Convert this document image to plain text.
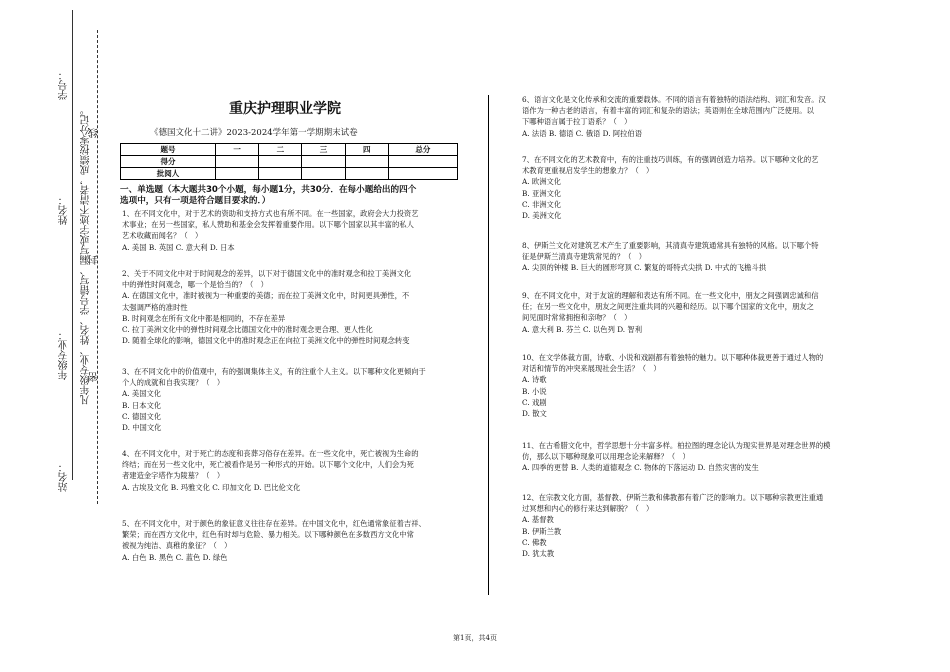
学号：
姓名：
年级专业：
站名：
凡年级专业、姓名、学号错写、漏写或字迹不清者，成绩按零分记。
线
封
密
重庆护理职业学院
《德国文化十二讲》2023-2024学年第一学期期末试卷
题号	一	二	三	四	总分
得分					
批阅人					
一、单选题（本大题共30个小题，每小题1分，共30分．在每小题给出的四个
选项中，只有一项是符合题目要求的．）

1、在不同文化中，对于艺术的资助和支持方式也有所不同。在一些国家，政府会大力投资艺

术事业；在另一些国家，私人赞助和基金会发挥着重要作用。以下哪个国家以其丰富的私人

艺术收藏而闻名？（　）

A. 美国 B. 英国 C. 意大利 D. 日本

2、关于不同文化中对于时间观念的差异，以下对于德国文化中的准时观念和拉丁美洲文化

中的弹性时间观念，哪一个是恰当的？（　）

A. 在德国文化中，准时被视为一种重要的美德；而在拉丁美洲文化中，时间更具弹性，不

太强调严格的准时性

B. 时间观念在所有文化中都是相同的，不存在差异

C. 拉丁美洲文化中的弹性时间观念比德国文化中的准时观念更合理、更人性化

D. 随着全球化的影响，德国文化中的准时观念正在向拉丁美洲文化中的弹性时间观念转变

3、在不同文化中的价值观中，有的强调集体主义，有的注重个人主义。以下哪种文化更倾向于

个人的成就和自我实现？（　）

A. 美国文化

B. 日本文化

C. 德国文化

D. 中国文化

4、在不同文化中，对于死亡的态度和丧葬习俗存在差异。在一些文化中，死亡被视为生命的

终结；而在另一些文化中，死亡被看作是另一种形式的开始。以下哪个文化中，人们会为死

者建造金字塔作为陵墓？（　）

A. 古埃及文化 B. 玛雅文化 C. 印加文化 D. 巴比伦文化

5、在不同文化中，对于颜色的象征意义往往存在差异。在中国文化中，红色通常象征着吉祥、

繁荣；而在西方文化中，红色有时却与危险、暴力相关。以下哪种颜色在多数西方文化中常

被视为纯洁、真稚的象征？（　）

A. 白色 B. 黑色 C. 蓝色 D. 绿色

6、语言文化是文化传承和交流的重要载体。不同的语言有着独特的语法结构、词汇和发音。汉

语作为一种古老的语言，有着丰富的词汇和复杂的语法；英语则在全球范围内广泛使用。以

下哪种语言属于拉丁语系？（　）

A. 法语 B. 德语 C. 俄语 D. 阿拉伯语

7、在不同文化的艺术教育中，有的注重技巧训练，有的强调创造力培养。以下哪种文化的艺

术教育更重视启发学生的想象力？（　）

A. 欧洲文化

B. 亚洲文化

C. 非洲文化

D. 美洲文化

8、伊斯兰文化对建筑艺术产生了重要影响，其清真寺建筑通常具有独特的风格。以下哪个特

征是伊斯兰清真寺建筑常见的？（　）

A. 尖顶的钟楼 B. 巨大的圆形穹顶 C. 繁复的哥特式尖拱 D. 中式的飞檐斗拱

9、在不同文化中，对于友谊的理解和表达有所不同。在一些文化中，朋友之间强调忠诚和信

任；在另一些文化中，朋友之间更注重共同的兴趣和经历。以下哪个国家的文化中，朋友之

间见面时常常拥抱和亲吻？（　）

A. 意大利 B. 芬兰 C. 以色列 D. 智利

10、在文学体裁方面，诗歌、小说和戏剧都有着独特的魅力。以下哪种体裁更善于通过人物的

对话和情节的冲突来展现社会生活？（　）

A. 诗歌

B. 小说

C. 戏剧

D. 散文

11、在古希腊文化中，哲学思想十分丰富多样。柏拉图的理念论认为现实世界是对理念世界的模

仿，那么以下哪种现象可以用理念论来解释？（　）

A. 四季的更替 B. 人类的道德观念 C. 物体的下落运动 D. 自然灾害的发生

12、在宗教文化方面，基督教、伊斯兰教和佛教都有着广泛的影响力。以下哪种宗教更注重通

过冥想和内心的修行来达到解脱？（　）

A. 基督教

B. 伊斯兰教

C. 佛教

D. 犹太教

第1页，共4页
